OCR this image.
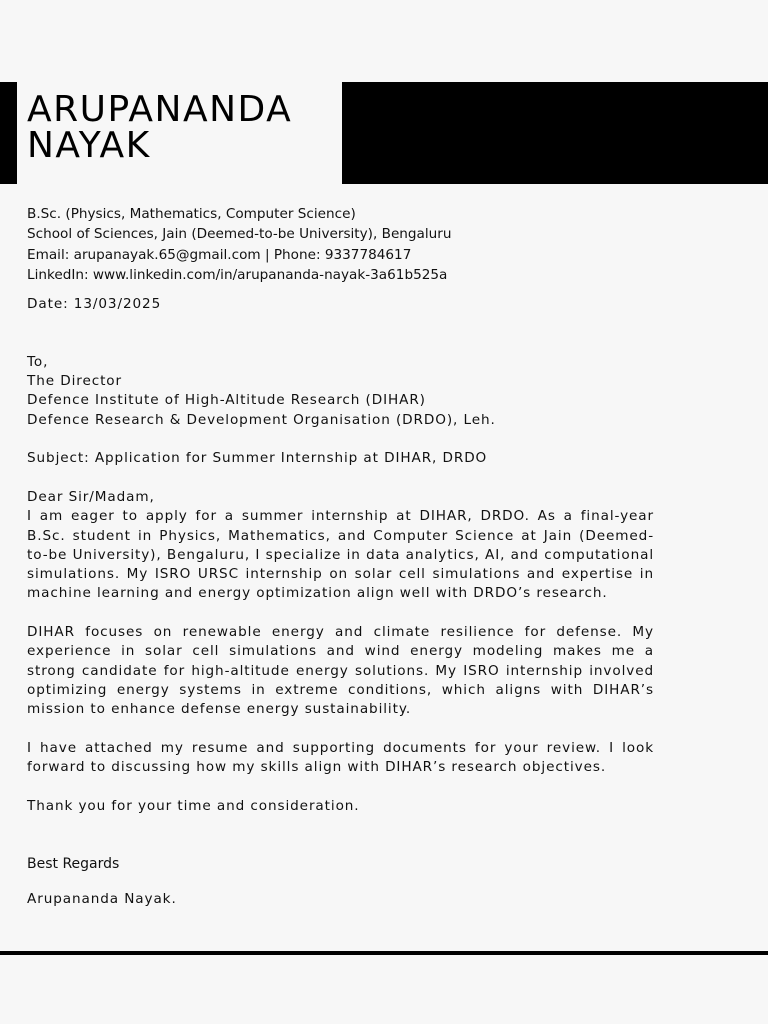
ARUPANANDA
NAYAK
B.Sc. (Physics, Mathematics, Computer Science)
School of Sciences, Jain (Deemed-to-be University), Bengaluru
Email: arupanayak.65@gmail.com | Phone: 9337784617
LinkedIn: www.linkedin.com/in/arupananda-nayak-3a61b525a
Date: 13/03/2025
To,
The Director
Defence Institute of High-Altitude Research (DIHAR)
Defence Research & Development Organisation (DRDO), Leh.
Subject: Application for Summer Internship at DIHAR, DRDO
Dear Sir/Madam,

I am eager to apply for a summer internship at DIHAR, DRDO. As a final-year B.Sc. student in Physics, Mathematics, and Computer Science at Jain (Deemed-to-be University), Bengaluru, I specialize in data analytics, AI, and computational simulations. My ISRO URSC internship on solar cell simulations and expertise in machine learning and energy optimization align well with DRDO’s research.

DIHAR focuses on renewable energy and climate resilience for defense. My experience in solar cell simulations and wind energy modeling makes me a strong candidate for high-altitude energy solutions. My ISRO internship involved optimizing energy systems in extreme conditions, which aligns with DIHAR’s mission to enhance defense energy sustainability.

I have attached my resume and supporting documents for your review. I look forward to discussing how my skills align with DIHAR’s research objectives.

Thank you for your time and consideration.
Best Regards
Arupananda Nayak.
